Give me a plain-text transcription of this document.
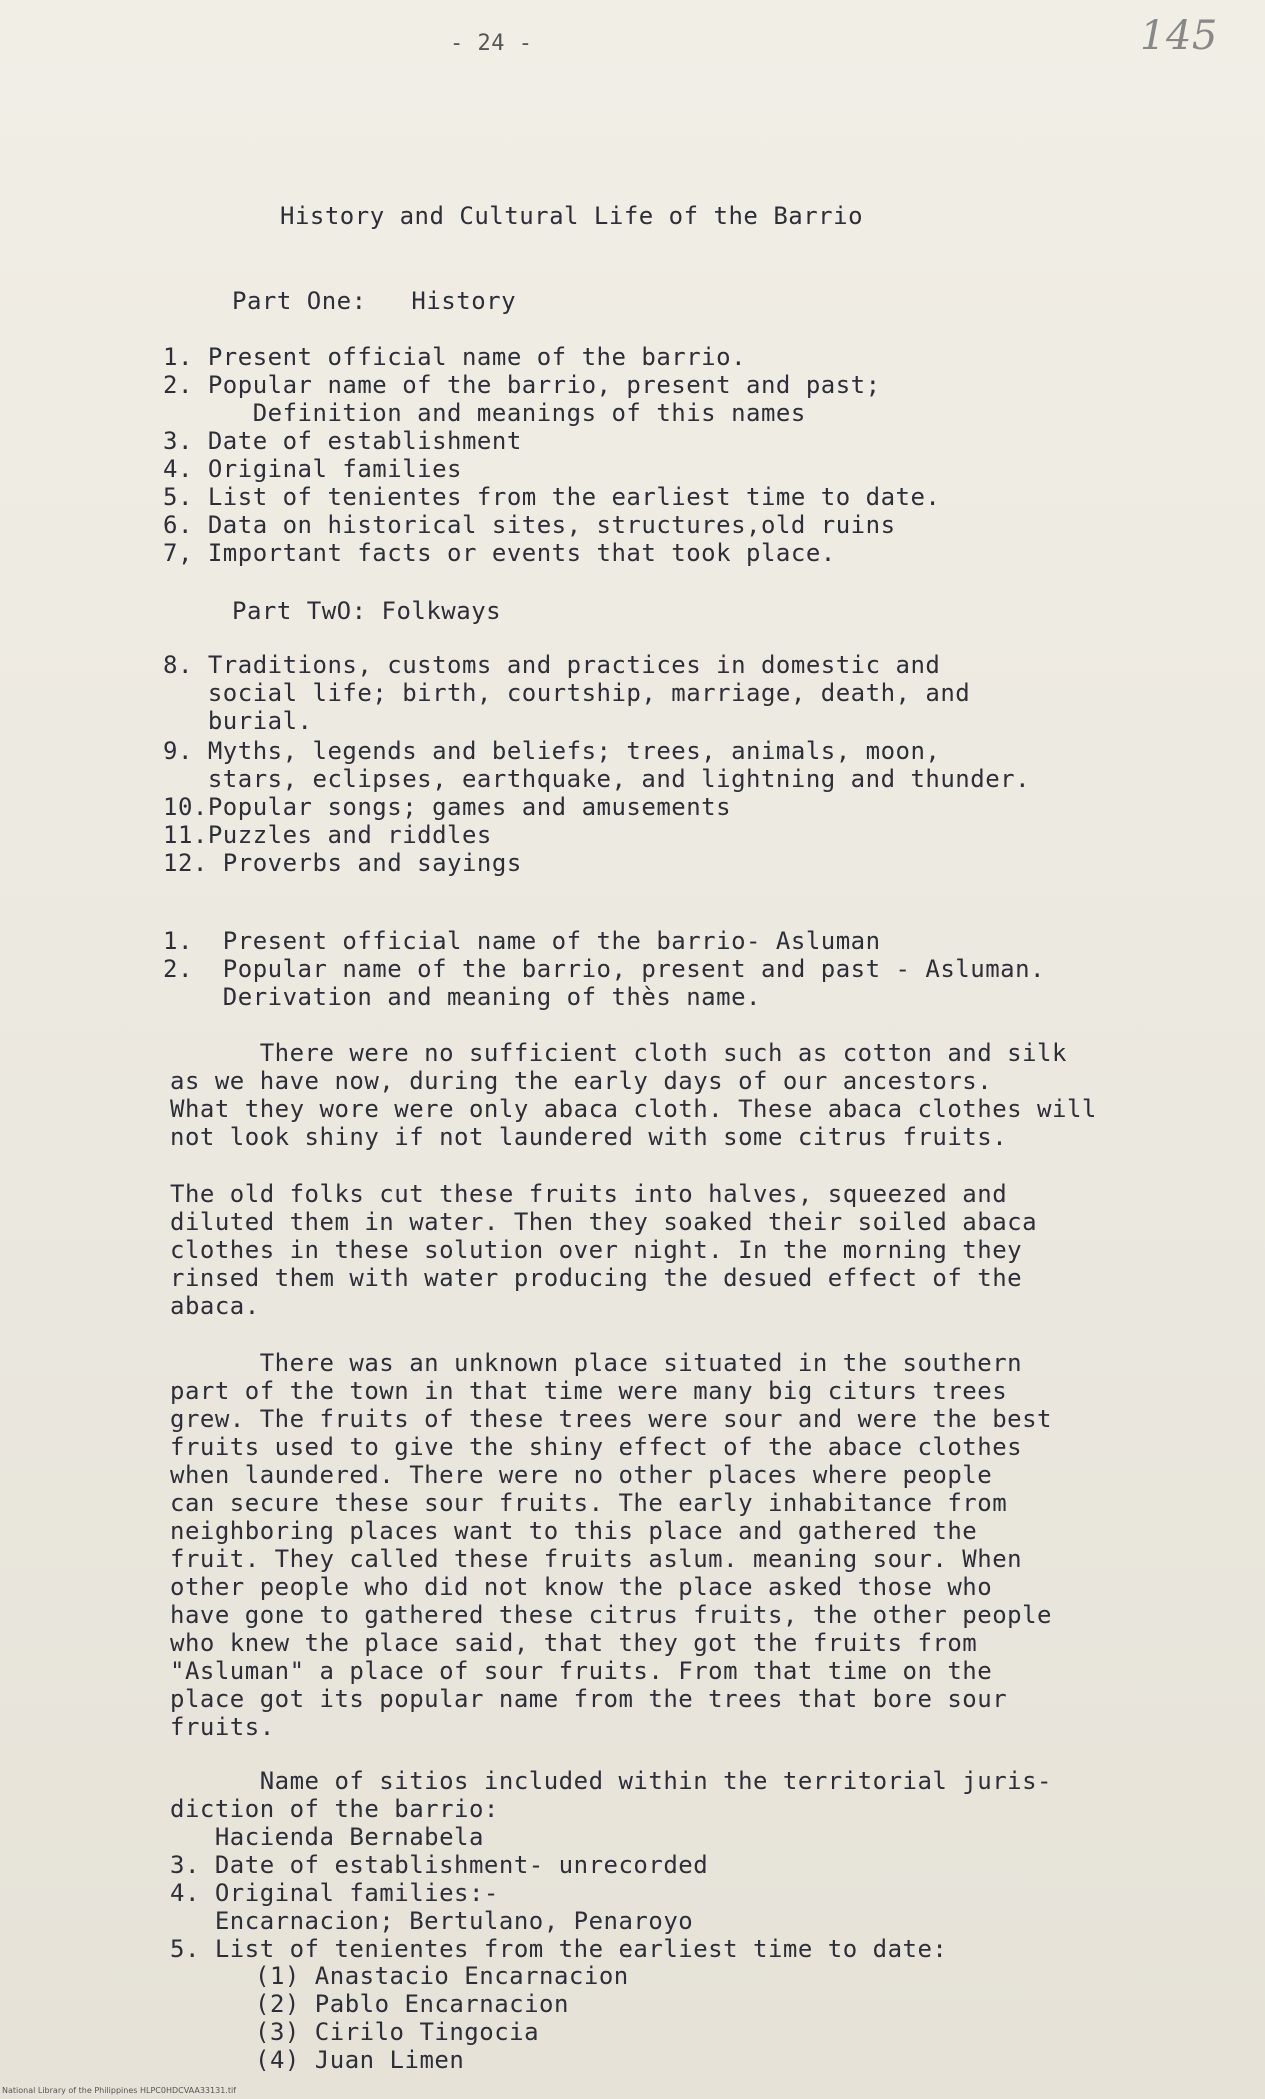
- 24 -	145
History and Cultural Life of the Barrio
Part One:   History
1. Present official name of the barrio.
2. Popular name of the barrio, present and past;
Definition and meanings of this names
3. Date of establishment
4. Original families
5. List of tenientes from the earliest time to date.
6. Data on historical sites, structures,old ruins
7, Important facts or events that took place.
Part TwO: Folkways
8. Traditions, customs and practices in domestic and
social life; birth, courtship, marriage, death, and
burial.
9. Myths, legends and beliefs; trees, animals, moon,
stars, eclipses, earthquake, and lightning and thunder.
10.Popular songs; games and amusements
11.Puzzles and riddles
12. Proverbs and sayings
1.  Present official name of the barrio- Asluman
2.  Popular name of the barrio, present and past - Asluman.
Derivation and meaning of thès name.
There were no sufficient cloth such as cotton and silk
as we have now, during the early days of our ancestors.
What they wore were only abaca cloth. These abaca clothes will
not look shiny if not laundered with some citrus fruits.
The old folks cut these fruits into halves, squeezed and
diluted them in water. Then they soaked their soiled abaca
clothes in these solution over night. In the morning they
rinsed them with water producing the desued effect of the
abaca.
There was an unknown place situated in the southern
part of the town in that time were many big citurs trees
grew. The fruits of these trees were sour and were the best
fruits used to give the shiny effect of the abace clothes
when laundered. There were no other places where people
can secure these sour fruits. The early inhabitance from
neighboring places want to this place and gathered the
fruit. They called these fruits aslum. meaning sour. When
other people who did not know the place asked those who
have gone to gathered these citrus fruits, the other people
who knew the place said, that they got the fruits from
"Asluman" a place of sour fruits. From that time on the
place got its popular name from the trees that bore sour
fruits.
Name of sitios included within the territorial juris-
diction of the barrio:
Hacienda Bernabela
3. Date of establishment- unrecorded
4. Original families:-
Encarnacion; Bertulano, Penaroyo
5. List of tenientes from the earliest time to date:
(1) Anastacio Encarnacion
(2) Pablo Encarnacion
(3) Cirilo Tingocia
(4) Juan Limen
National Library of the Philippines HLPC0HDCVAA33131.tif
